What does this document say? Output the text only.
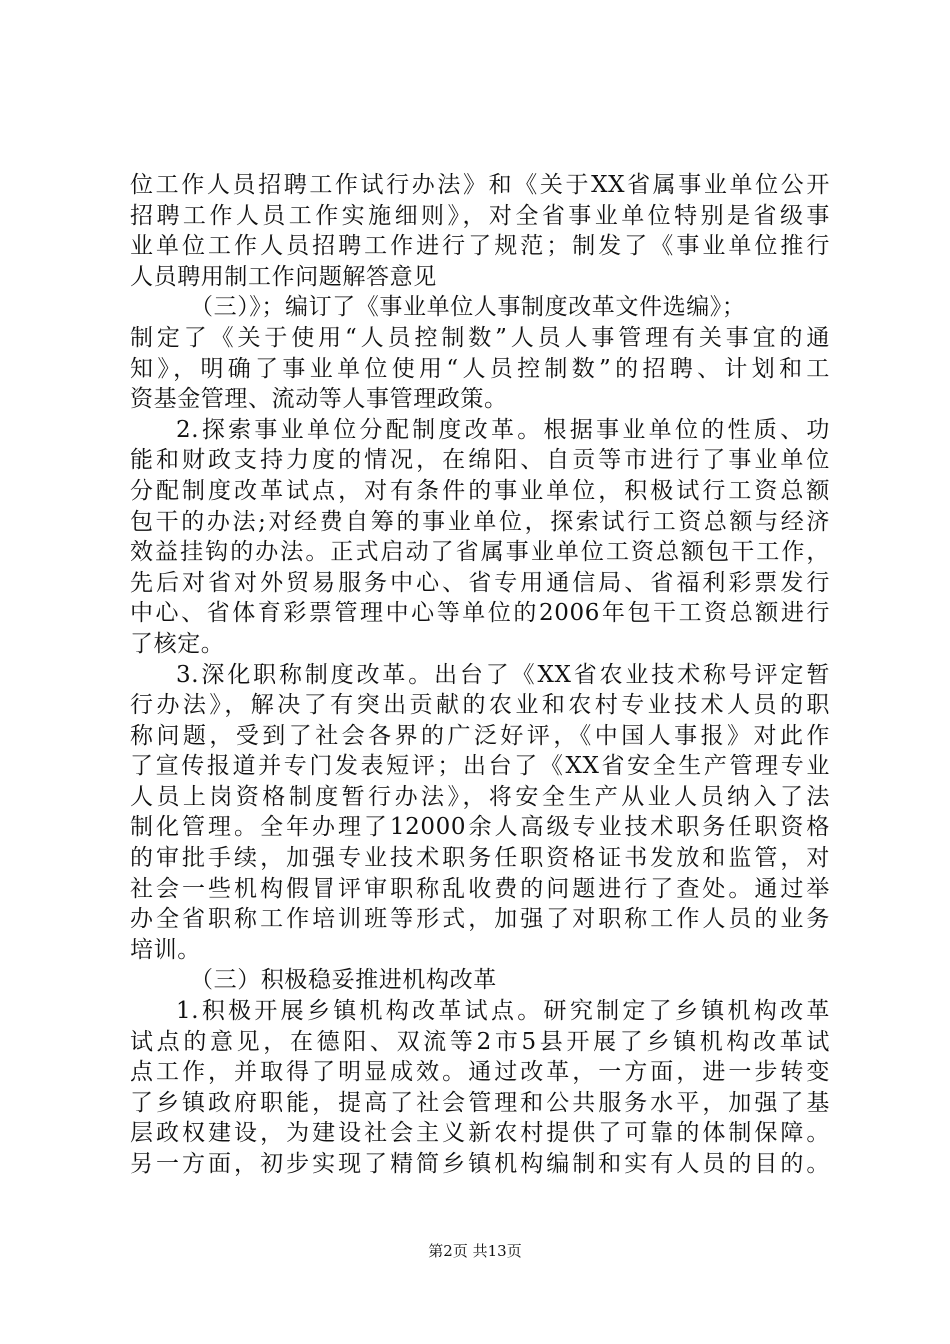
位工作人员招聘工作试行办法》和《关于XX省属事业单位公开
招聘工作人员工作实施细则》，对全省事业单位特别是省级事
业单位工作人员招聘工作进行了规范；制发了《事业单位推行
人员聘用制工作问题解答意见
（三）》；编订了《事业单位人事制度改革文件选编》；
制定了《关于使用“人员控制数”人员人事管理有关事宜的通
知》，明确了事业单位使用“人员控制数”的招聘、计划和工
资基金管理、流动等人事管理政策。
2.探索事业单位分配制度改革。根据事业单位的性质、功
能和财政支持力度的情况，在绵阳、自贡等市进行了事业单位
分配制度改革试点，对有条件的事业单位，积极试行工资总额
包干的办法;对经费自筹的事业单位，探索试行工资总额与经济
效益挂钩的办法。正式启动了省属事业单位工资总额包干工作，
先后对省对外贸易服务中心、省专用通信局、省福利彩票发行
中心、省体育彩票管理中心等单位的2006年包干工资总额进行
了核定。
3.深化职称制度改革。出台了《XX省农业技术称号评定暂
行办法》，解决了有突出贡献的农业和农村专业技术人员的职
称问题，受到了社会各界的广泛好评，《中国人事报》对此作
了宣传报道并专门发表短评；出台了《XX省安全生产管理专业
人员上岗资格制度暂行办法》，将安全生产从业人员纳入了法
制化管理。全年办理了12000余人高级专业技术职务任职资格
的审批手续，加强专业技术职务任职资格证书发放和监管，对
社会一些机构假冒评审职称乱收费的问题进行了查处。通过举
办全省职称工作培训班等形式，加强了对职称工作人员的业务
培训。
（三）积极稳妥推进机构改革
1.积极开展乡镇机构改革试点。研究制定了乡镇机构改革
试点的意见，在德阳、双流等2市5县开展了乡镇机构改革试
点工作，并取得了明显成效。通过改革，一方面，进一步转变
了乡镇政府职能，提高了社会管理和公共服务水平，加强了基
层政权建设，为建设社会主义新农村提供了可靠的体制保障。
另一方面，初步实现了精简乡镇机构编制和实有人员的目的。
第2页 共13页
